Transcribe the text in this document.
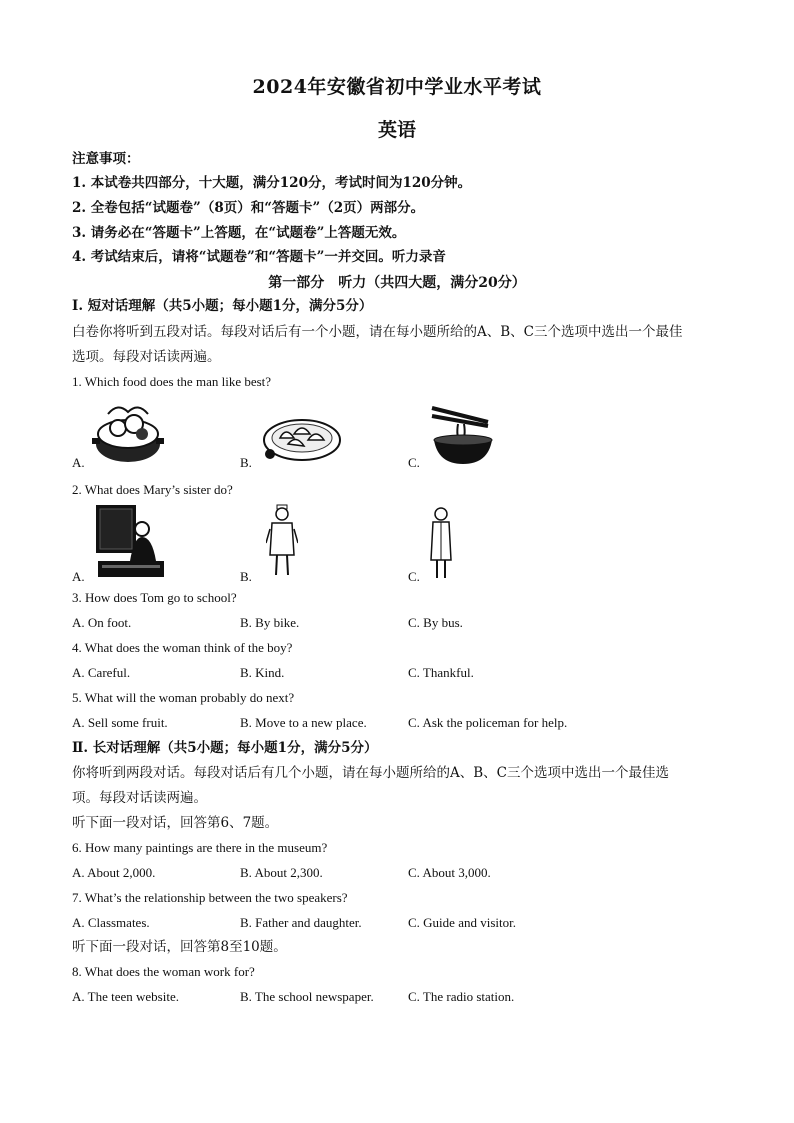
2024年安徽省初中学业水平考试
英语
注意事项：
1. 本试卷共四部分，十大题，满分120分，考试时间为120分钟。
2. 全卷包括“试题卷”（8页）和“答题卡”（2页）两部分。
3. 请务必在“答题卡”上答题，在“试题卷”上答题无效。
4. 考试结束后，请将“试题卷”和“答题卡”一并交回。听力录音
第一部分　听力（共四大题，满分20分）
I. 短对话理解（共5小题；每小题1分，满分5分）
白卷你将听到五段对话。每段对话后有一个小题，请在每小题所给的A、B、C三个选项中选出一个最佳
选项。每段对话读两遍。
1. Which food does the man like best?
A.	B.	C.
2. What does Mary’s sister do?
A.	B.	C.
3. How does Tom go to school?
A. On foot.	B. By bike.	C. By bus.
4. What does the woman think of the boy?
A. Careful.	B. Kind.	C. Thankful.
5. What will the woman probably do next?
A. Sell some fruit.	B. Move to a new place.	C. Ask the policeman for help.
Ⅱ. 长对话理解（共5小题；每小题1分，满分5分）
你将听到两段对话。每段对话后有几个小题，请在每小题所给的A、B、C三个选项中选出一个最佳选
项。每段对话读两遍。
听下面一段对话，回答第6、7题。
6. How many paintings are there in the museum?
A. About 2,000.	B. About 2,300.	C. About 3,000.
7. What’s the relationship between the two speakers?
A. Classmates.	B. Father and daughter.	C. Guide and visitor.
听下面一段对话，回答第8至10题。
8. What does the woman work for?
A. The teen website.	B. The school newspaper.	C. The radio station.
